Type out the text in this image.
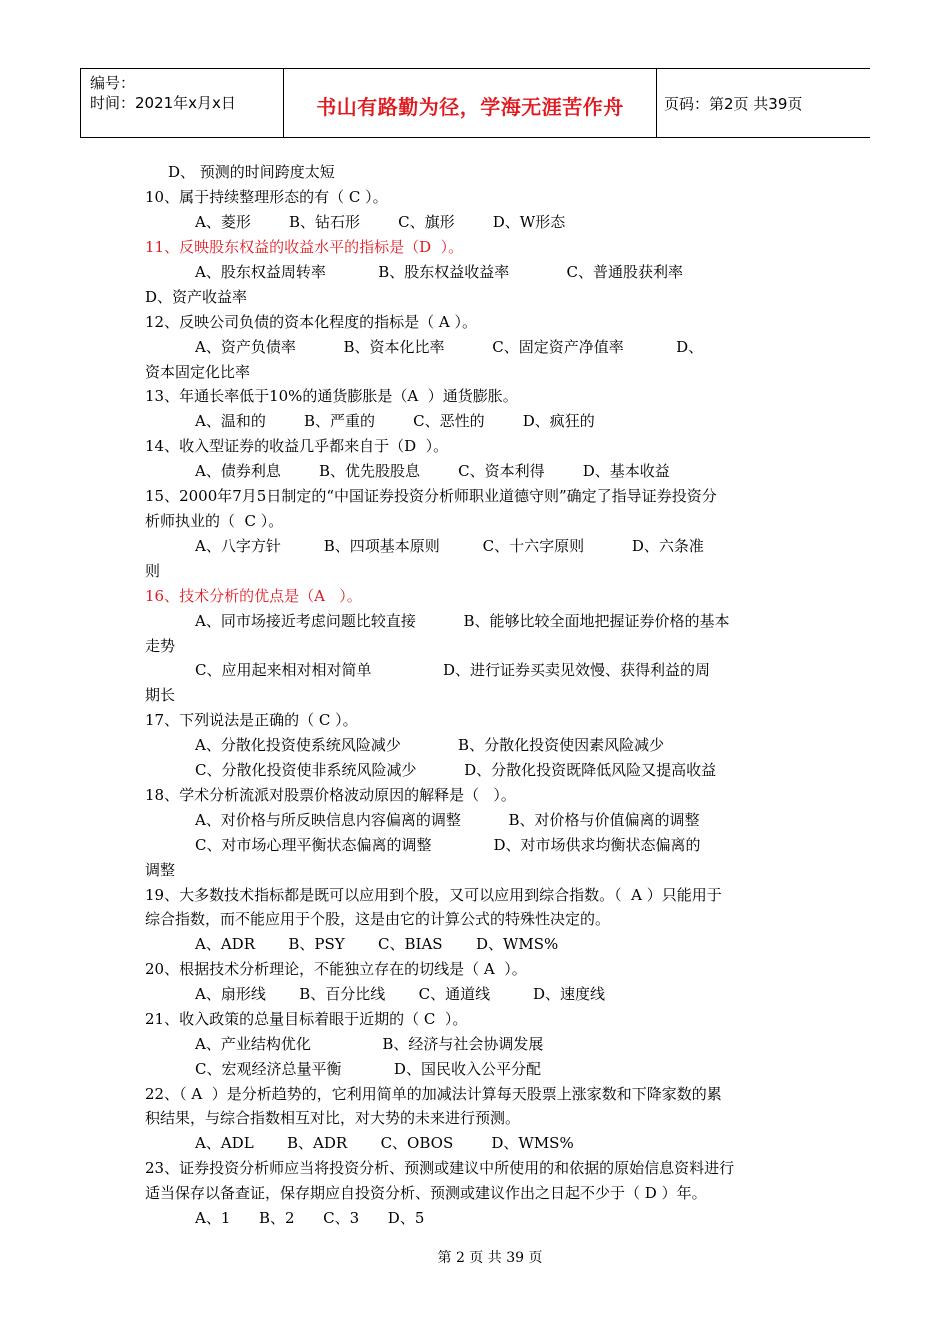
编号：
时间：2021年x月x日	书山有路勤为径，学海无涯苦作舟	页码：第2页 共39页
D、 预测的时间跨度太短
10、属于持续整理形态的有（ C ）。
A、菱形        B、钻石形        C、旗形        D、W形态
11、反映股东权益的收益水平的指标是（D  ）。
A、股东权益周转率           B、股东权益收益率            C、普通股获利率
D、资产收益率
12、反映公司负债的资本化程度的指标是（ A ）。
A、资产负债率          B、资本化比率          C、固定资产净值率           D、
资本固定化比率
13、年通长率低于10%的通货膨胀是（A  ）通货膨胀。
A、温和的        B、严重的        C、恶性的        D、疯狂的
14、收入型证券的收益几乎都来自于（D  ）。
A、债券利息        B、优先股股息        C、资本利得        D、基本收益
15、2000年7月5日制定的“中国证券投资分析师职业道德守则”确定了指导证券投资分
析师执业的（  C ）。
A、八字方针         B、四项基本原则         C、十六字原则          D、六条准
则
16、技术分析的优点是（A   ）。
A、同市场接近考虑问题比较直接          B、能够比较全面地把握证券价格的基本
走势
C、应用起来相对相对简单               D、进行证券买卖见效慢、获得利益的周
期长
17、下列说法是正确的（ C ）。
A、分散化投资使系统风险减少            B、分散化投资使因素风险减少
C、分散化投资使非系统风险减少          D、分散化投资既降低风险又提高收益
18、学术分析流派对股票价格波动原因的解释是（   ）。
A、对价格与所反映信息内容偏离的调整          B、对价格与价值偏离的调整
C、对市场心理平衡状态偏离的调整             D、对市场供求均衡状态偏离的
调整
19、大多数技术指标都是既可以应用到个股，又可以应用到综合指数。（  A ）只能用于
综合指数，而不能应用于个股，这是由它的计算公式的特殊性决定的。
A、ADR       B、PSY       C、BIAS       D、WMS%
20、根据技术分析理论，不能独立存在的切线是（ A  ）。
A、扇形线       B、百分比线       C、通道线         D、速度线
21、收入政策的总量目标着眼于近期的（ C  ）。
A、产业结构优化               B、经济与社会协调发展
C、宏观经济总量平衡           D、国民收入公平分配
22、（ A  ）是分析趋势的，它利用简单的加减法计算每天股票上涨家数和下降家数的累
积结果，与综合指数相互对比，对大势的未来进行预测。
A、ADL       B、ADR       C、OBOS        D、WMS%
23、证券投资分析师应当将投资分析、预测或建议中所使用的和依据的原始信息资料进行
适当保存以备查证，保存期应自投资分析、预测或建议作出之日起不少于（ D ）年。
A、1      B、2      C、3      D、5
第 2 页 共 39 页
